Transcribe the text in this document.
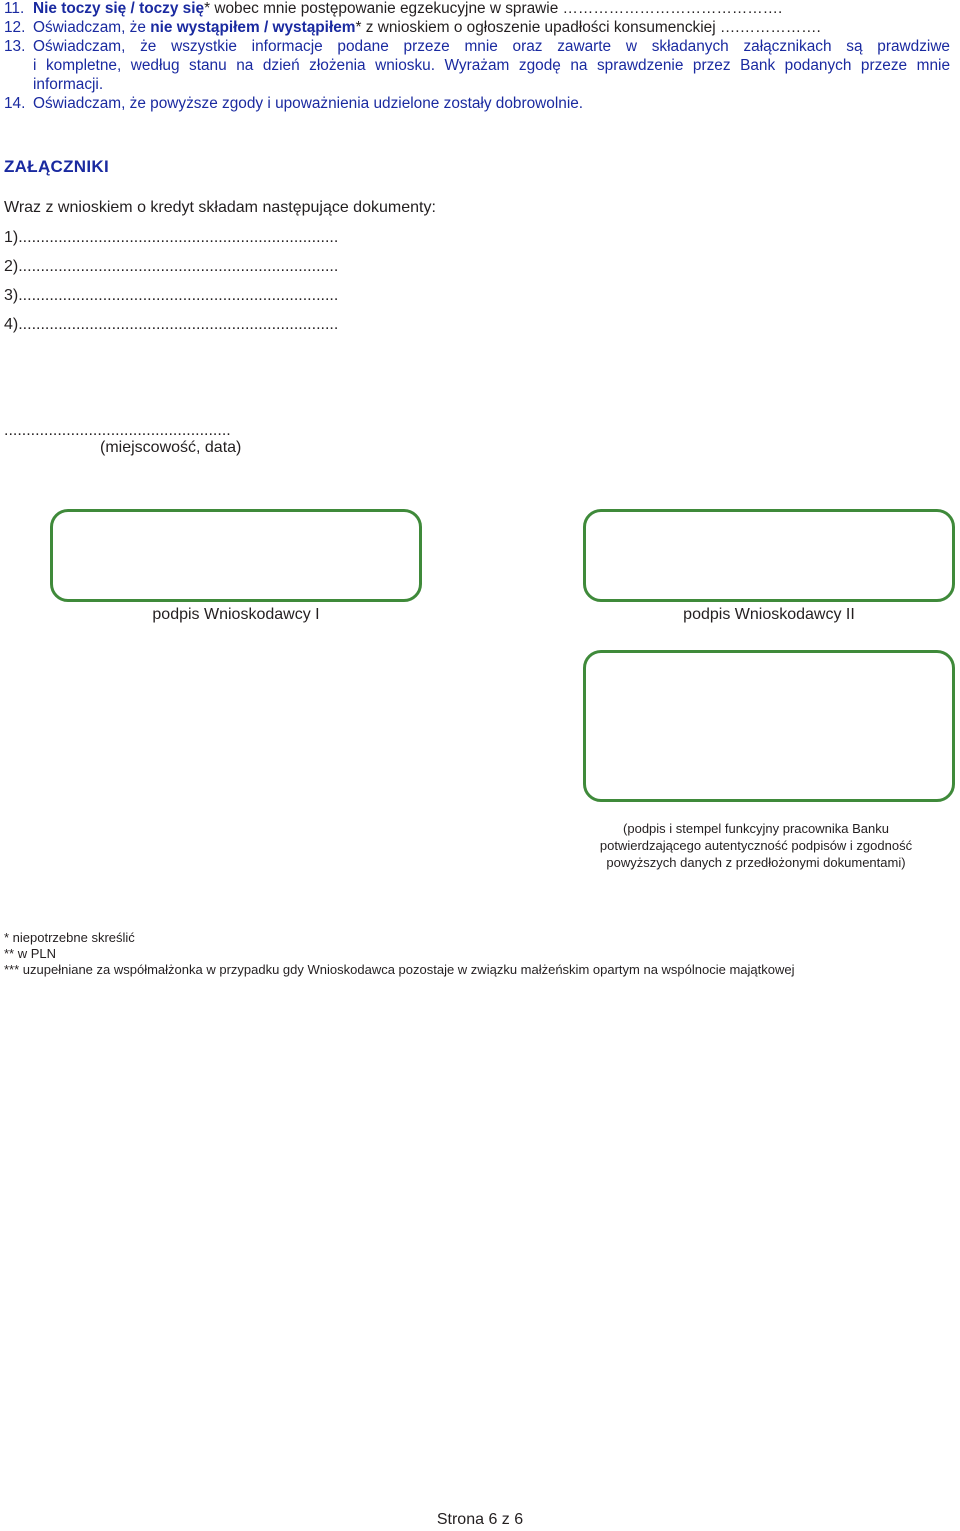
11. Nie toczy się / toczy się* wobec mnie postępowanie egzekucyjne w sprawie …………………………………….
12. Oświadczam, że nie wystąpiłem / wystąpiłem* z wnioskiem o ogłoszenie upadłości konsumenckiej ….…………….
13. Oświadczam, że wszystkie informacje podane przeze mnie oraz zawarte w składanych załącznikach są prawdziwe
i kompletne, według stanu na dzień złożenia wniosku. Wyrażam zgodę na sprawdzenie przez Bank podanych przeze mnie
informacji.
14. Oświadczam, że powyższe zgody i upoważnienia udzielone zostały dobrowolnie.
ZAŁĄCZNIKI
Wraz z wnioskiem o kredyt składam następujące dokumenty:
1)........................................................................
2)........................................................................
3)........................................................................
4)........................................................................
...................................................
(miejscowość, data)
podpis Wnioskodawcy I	podpis Wnioskodawcy II
(podpis i stempel funkcyjny pracownika Banku
potwierdzającego autentyczność podpisów i zgodność
powyższych danych z przedłożonymi dokumentami)
* niepotrzebne skreślić
** w PLN
*** uzupełniane za współmałżonka w przypadku gdy Wnioskodawca pozostaje w związku małżeńskim opartym na wspólnocie majątkowej
Strona 6 z 6
